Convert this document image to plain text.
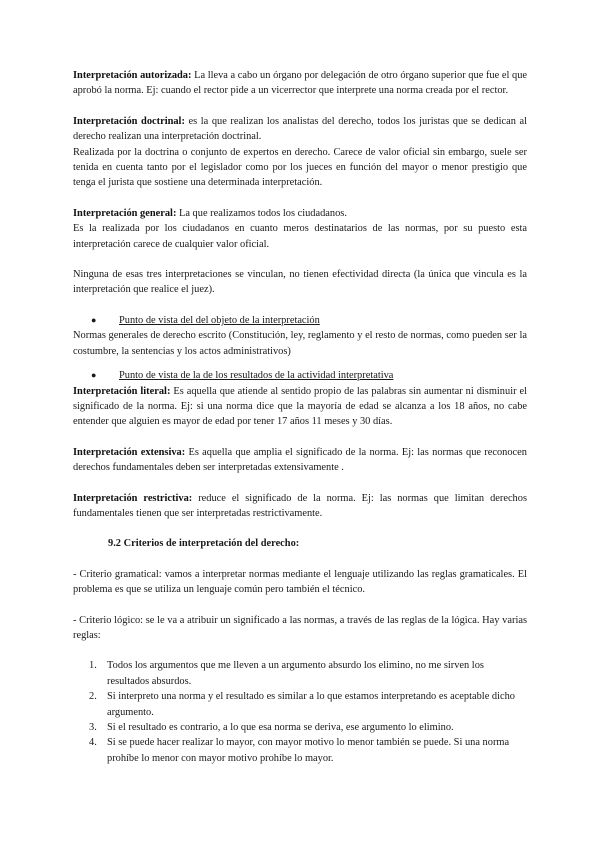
Interpretación autorizada: La lleva a cabo un órgano por delegación de otro órgano superior que fue el que aprobó la norma. Ej: cuando el rector pide a un vicerrector que interprete una norma creada por el rector.

Interpretación doctrinal: es la que realizan los analistas del derecho, todos los juristas que se dedican al derecho realizan una interpretación doctrinal.

Realizada por la doctrina o conjunto de expertos en derecho. Carece de valor oficial sin embargo, suele ser tenida en cuenta tanto por el legislador como por los jueces en función del mayor o menor prestigio que tenga el jurista que sostiene una determinada interpretación.

Interpretación general: La que realizamos todos los ciudadanos.

Es la realizada por los ciudadanos en cuanto meros destinatarios de las normas, por su puesto esta interpretación carece de cualquier valor oficial.

Ninguna de esas tres interpretaciones se vinculan, no tienen efectividad directa (la única que vincula es la interpretación que realice el juez).

● Punto de vista del del objeto de la interpretación

Normas generales de derecho escrito (Constitución, ley, reglamento y el resto de normas, como pueden ser la costumbre, la sentencias y los actos administrativos)

● Punto de vista de la de los resultados de la actividad interpretativa

Interpretación literal: Es aquella que atiende al sentido propio de las palabras sin aumentar ni disminuir el significado de la norma. Ej: si una norma dice que la mayoría de edad se alcanza a los 18 años, no cabe entender que alguien es mayor de edad por tener 17 años 11 meses y 30 días.

Interpretación extensiva: Es aquella que amplia el significado de la norma. Ej: las normas que reconocen derechos fundamentales deben ser interpretadas extensivamente .

Interpretación restrictiva: reduce el significado de la norma. Ej: las normas que limitan derechos fundamentales tienen que ser interpretadas restrictivamente.

9.2 Criterios de interpretación del derecho:

- Criterio gramatical: vamos a interpretar normas mediante el lenguaje utilizando las reglas gramaticales. El problema es que se utiliza un lenguaje común pero también el técnico.

- Criterio lógico: se le va a atribuir un significado a las normas, a través de las reglas de la lógica. Hay varias reglas:

1. Todos los argumentos que me lleven a un argumento absurdo los elimino, no me sirven los resultados absurdos.
2. Si interpreto una norma y el resultado es similar a lo que estamos interpretando es aceptable dicho argumento.
3. Si el resultado es contrario, a lo que esa norma se deriva, ese argumento lo elimino.
4. Si se puede hacer realizar lo mayor, con mayor motivo lo menor también se puede. Si una norma prohíbe lo menor con mayor motivo prohíbe lo mayor.
